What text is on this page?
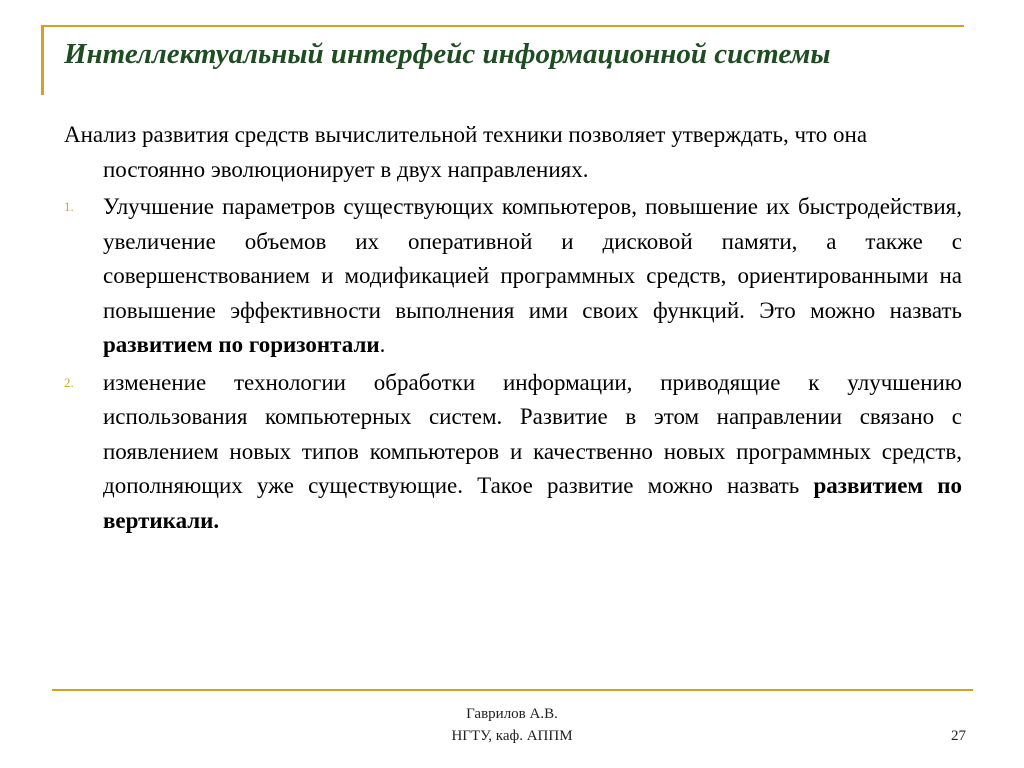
Интеллектуальный интерфейс информационной системы

Анализ развития средств вычислительной техники позволяет утверждать, что она постоянно эволюционирует в двух направлениях.

1. Улучшение параметров существующих компьютеров, повышение их быстродействия, увеличение объемов их оперативной и дисковой памяти, а также с совершенствованием и модификацией программных средств, ориентированными на повышение эффективности выполнения ими своих функций. Это можно назвать развитием по горизонтали.
2. изменение технологии обработки информации, приводящие к улучшению использования компьютерных систем. Развитие в этом направлении связано с появлением новых типов компьютеров и качественно новых программных средств, дополняющих уже существующие. Такое развитие можно назвать развитием по вертикали.
Гаврилов А.В.
НГТУ, каф. АППМ	27
